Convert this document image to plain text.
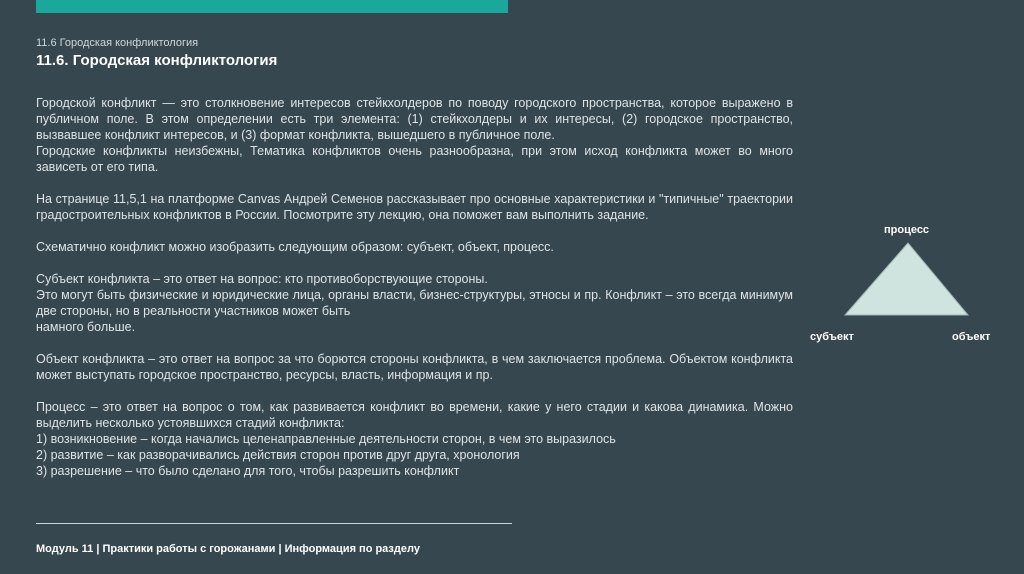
11.6 Городская конфликтология
11.6. Городская конфликтология

Городской конфликт — это столкновение интересов стейкхолдеров по поводу городского пространства, которое выражено в публичном поле. В этом определении есть три элемента: (1) стейкхолдеры и их интересы, (2) городское пространство, вызвавшее конфликт интересов, и (3) формат конфликта, вышедшего в публичное поле.

Городские конфликты неизбежны, Тематика конфликтов очень разнообразна, при этом исход конфликта может во много зависеть от его типа.

На странице 11,5,1 на платформе Canvas Андрей Семенов рассказывает про основные характеристики и "типичные" траектории градостроительных конфликтов в России. Посмотрите эту лекцию, она поможет вам выполнить задание.

Схематично конфликт можно изобразить следующим образом: субъект, объект, процесс.

Субъект конфликта – это ответ на вопрос: кто противоборствующие стороны.

Это могут быть физические и юридические лица, органы власти, бизнес-структуры, этносы и пр. Конфликт – это всегда минимум две стороны, но в реальности участников может быть

намного больше.

Объект конфликта – это ответ на вопрос за что борются стороны конфликта, в чем заключается проблема. Объектом конфликта может выступать городское пространство, ресурсы, власть, информация и пр.

Процесс – это ответ на вопрос о том, как развивается конфликт во времени, какие у него стадии и какова динамика. Можно выделить несколько устоявшихся стадий конфликта:

1) возникновение – когда начались целенаправленные деятельности сторон, в чем это выразилось

2) развитие – как разворачивались действия сторон против друг друга, хронология

3) разрешение – что было сделано для того, чтобы разрешить конфликт

процесс
субъект	объект
Модуль 11 | Практики работы с горожанами | Информация по разделу
